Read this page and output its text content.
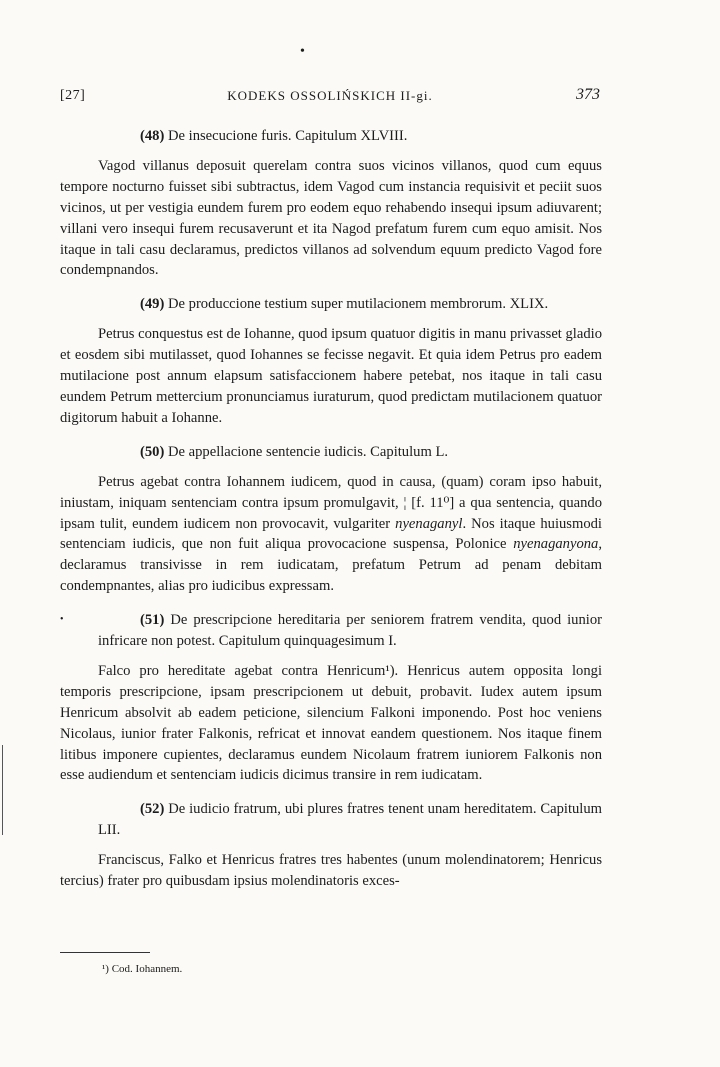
•
[27]	KODEKS OSSOLIŃSKICH II-gi.	373
(48) De insecucione furis. Capitulum XLVIII.
Vagod villanus deposuit querelam contra suos vicinos villanos, quod cum equus tempore nocturno fuisset sibi subtractus, idem Vagod cum instancia requisivit et peciit suos vicinos, ut per vestigia eundem furem pro eodem equo rehabendo insequi ipsum adiuvarent; villani vero insequi furem recusaverunt et ita Nagod prefatum furem cum equo amisit. Nos itaque in tali casu declaramus, predictos villanos ad solvendum equum predicto Vagod fore condempnandos.
(49) De produccione testium super mutilacionem membrorum. XLIX.
Petrus conquestus est de Iohanne, quod ipsum quatuor digitis in manu privasset gladio et eosdem sibi mutilasset, quod Iohannes se fecisse negavit. Et quia idem Petrus pro eadem mutilacione post annum elapsum satisfaccionem habere petebat, nos itaque in tali casu eundem Petrum mettercium pronunciamus iuraturum, quod predictam mutilacionem quatuor digitorum habuit a Iohanne.
(50) De appellacione sentencie iudicis. Capitulum L.
Petrus agebat contra Iohannem iudicem, quod in causa, (quam) coram ipso habuit, iniustam, iniquam sentenciam contra ipsum promulgavit, ¦ [f. 11⁰] a qua sentencia, quando ipsam tulit, eundem iudicem non provocavit, vulgariter nyenaganyl. Nos itaque huiusmodi sentenciam iudicis, que non fuit aliqua provocacione suspensa, Polonice nyenaganyona, declaramus transivisse in rem iudicatam, prefatum Petrum ad penam debitam condempnantes, alias pro iudicibus expressam.
•	(51) De prescripcione hereditaria per seniorem fratrem vendita, quod iunior infricare non potest. Capitulum quinquagesimum I.
Falco pro hereditate agebat contra Henricum¹). Henricus autem opposita longi temporis prescripcione, ipsam prescripcionem ut debuit, probavit. Iudex autem ipsum Henricum absolvit ab eadem peticione, silencium Falkoni imponendo. Post hoc veniens Nicolaus, iunior frater Falkonis, refricat et innovat eandem questionem. Nos itaque finem litibus imponere cupientes, declaramus eundem Nicolaum fratrem iuniorem Falkonis non esse audiendum et sentenciam iudicis dicimus transire in rem iudicatam.
(52) De iudicio fratrum, ubi plures fratres tenent unam hereditatem. Capitulum LII.
Franciscus, Falko et Henricus fratres tres habentes (unum molendinatorem; Henricus tercius) frater pro quibusdam ipsius molendinatoris exces-
¹) Cod. Iohannem.
